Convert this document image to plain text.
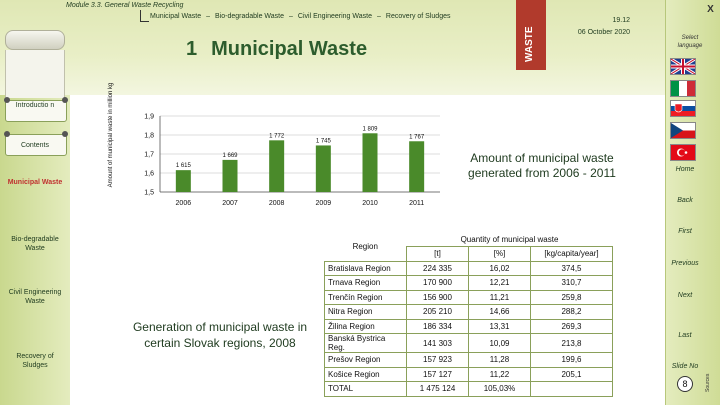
Module 3.3. General Waste Recycling
Municipal Waste – Bio-degradable Waste – Civil Engineering Waste – Recovery of Sludges
1 Municipal Waste	WASTE
19.12
06 October 2020
X
Introductio n
Contents
Municipal Waste
Bio-degradable Waste
Civil Engineering Waste
Recovery of Sludges
Select language
Home
Back
First
Previous
Next
Last
Slide No
8	Sources
Amount of municipal waste in million kg
1,5
1,6
1,7
1,8
1,9
1 615
2006
1 669
2007
1 772
2008
1 745
2009
1 809
2010
1 767
2011
Amount of municipal waste generated from 2006 - 2011
Generation of municipal waste in certain Slovak regions, 2008
Region	Quantity of municipal waste		
	[t]	[%]	[kg/capita/year]
Bratislava Region	224 335	16,02	374,5
Trnava Region	170 900	12,21	310,7
Trenčín Region	156 900	11,21	259,8
Nitra Region	205 210	14,66	288,2
Žilina Region	186 334	13,31	269,3
Banská Bystrica Reg.	141 303	10,09	213,8
Prešov Region	157 923	11,28	199,6
Košice Region	157 127	11,22	205,1
TOTAL	1 475 124	105,03%	
